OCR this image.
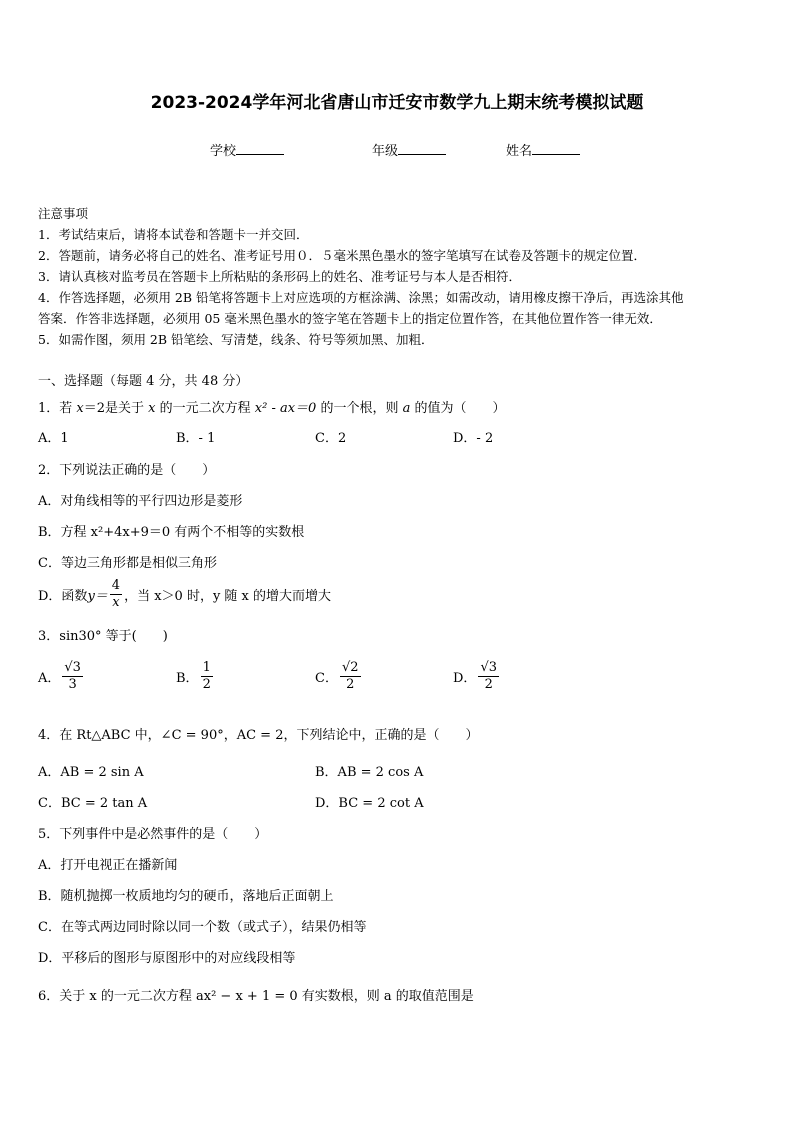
2023-2024学年河北省唐山市迁安市数学九上期末统考模拟试题
学校	年级	姓名
注意事项
1．考试结束后，请将本试卷和答题卡一并交回．
2．答题前，请务必将自己的姓名、准考证号用０．５毫米黑色墨水的签字笔填写在试卷及答题卡的规定位置．
3．请认真核对监考员在答题卡上所粘贴的条形码上的姓名、准考证号与本人是否相符．
4．作答选择题，必须用 2B 铅笔将答题卡上对应选项的方框涂满、涂黑；如需改动，请用橡皮擦干净后，再选涂其他
答案．作答非选择题，必须用 05 毫米黑色墨水的签字笔在答题卡上的指定位置作答，在其他位置作答一律无效．
5．如需作图，须用 2B 铅笔绘、写清楚，线条、符号等须加黑、加粗．
一、选择题（每题 4 分，共 48 分）
1．若 x＝2是关于 x 的一元二次方程 x² - ax＝0 的一个根，则 a 的值为（　　）
A．1	B．- 1	C．2	D．- 2
2．下列说法正确的是（　　）
A．对角线相等的平行四边形是菱形
B．方程 x²+4x+9＝0 有两个不相等的实数根
C．等边三角形都是相似三角形
D．函数$y= \frac{4}{x}$ ，当 x＞0 时，y 随 x 的增大而增大
3．sin30° 等于(　　)
A． $\frac{√3}{3}$	B． $\frac{1}{2}$	C． $\frac{√2}{2}$	D． $\frac{√3}{2}$
4．在 Rt△ABC 中，∠C = 90°，AC = 2，下列结论中，正确的是（　　）
A．AB = 2 sin A	B．AB = 2 cos A
C．BC = 2 tan A	D．BC = 2 cot A
5．下列事件中是必然事件的是（　　）
A．打开电视正在播新闻
B．随机抛掷一枚质地均匀的硬币，落地后正面朝上
C．在等式两边同时除以同一个数（或式子），结果仍相等
D．平移后的图形与原图形中的对应线段相等
6．关于 x 的一元二次方程 ax² − x + 1 = 0 有实数根，则 a 的取值范围是
